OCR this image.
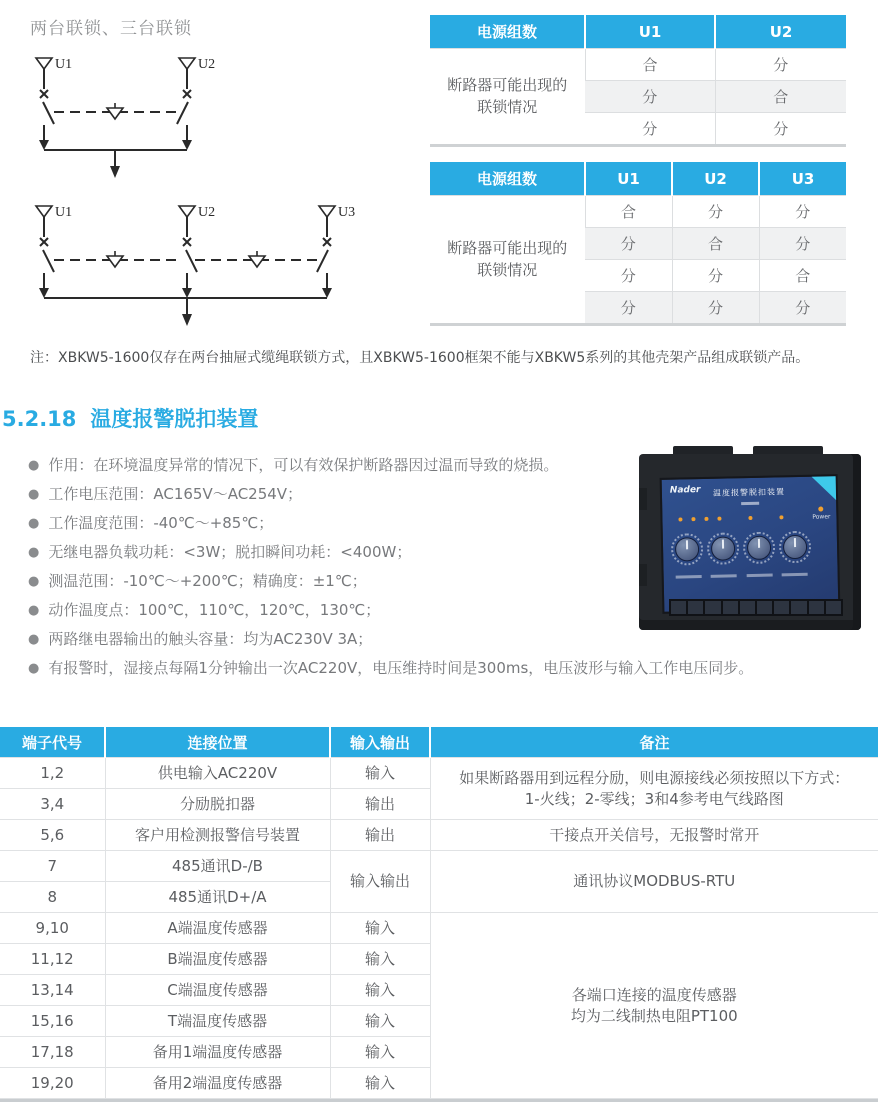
两台联锁、三台联锁
U1	U2
U1	U2	U3
电源组数	U1	U2

断路器可能出现的
联锁情况	合	分
	分	合
	分	分
电源组数	U1	U2	U3

断路器可能出现的
联锁情况	合	分	分
	分	合	分
	分	分	合
	分	分	分
注：XBKW5-1600仅存在两台抽屉式缆绳联锁方式，且XBKW5-1600框架不能与XBKW5系列的其他壳架产品组成联锁产品。
5.2.18 温度报警脱扣装置
● 作用：在环境温度异常的情况下，可以有效保护断路器因过温而导致的烧损。
● 工作电压范围：AC165V～AC254V；
● 工作温度范围：-40℃～+85℃；
● 无继电器负载功耗：<3W；脱扣瞬间功耗：<400W；
● 测温范围：-10℃～+200℃；精确度：±1℃；
● 动作温度点：100℃，110℃，120℃，130℃；
● 两路继电器输出的触头容量：均为AC230V 3A；
● 有报警时，湿接点每隔1分钟输出一次AC220V，电压维持时间是300ms，电压波形与输入工作电压同步。
Nader	温度报警脱扣装置
Power
端子代号	连接位置	输入输出	备注
1,2	供电输入AC220V	输入	如果断路器用到远程分励，则电源接线必须按照以下方式：
1-火线；2-零线；3和4参考电气线路图

3,4	分励脱扣器	输出	
5,6	客户用检测报警信号装置	输出	干接点开关信号，无报警时常开
7	485通讯D-/B	输入输出	通讯协议MODBUS-RTU
8	485通讯D+/A		
9,10	A端温度传感器	输入	各端口连接的温度传感器
均为二线制热电阻PT100

11,12	B端温度传感器	输入	
13,14	C端温度传感器	输入	
15,16	T端温度传感器	输入	
17,18	备用1端温度传感器	输入	
19,20	备用2端温度传感器	输入	
